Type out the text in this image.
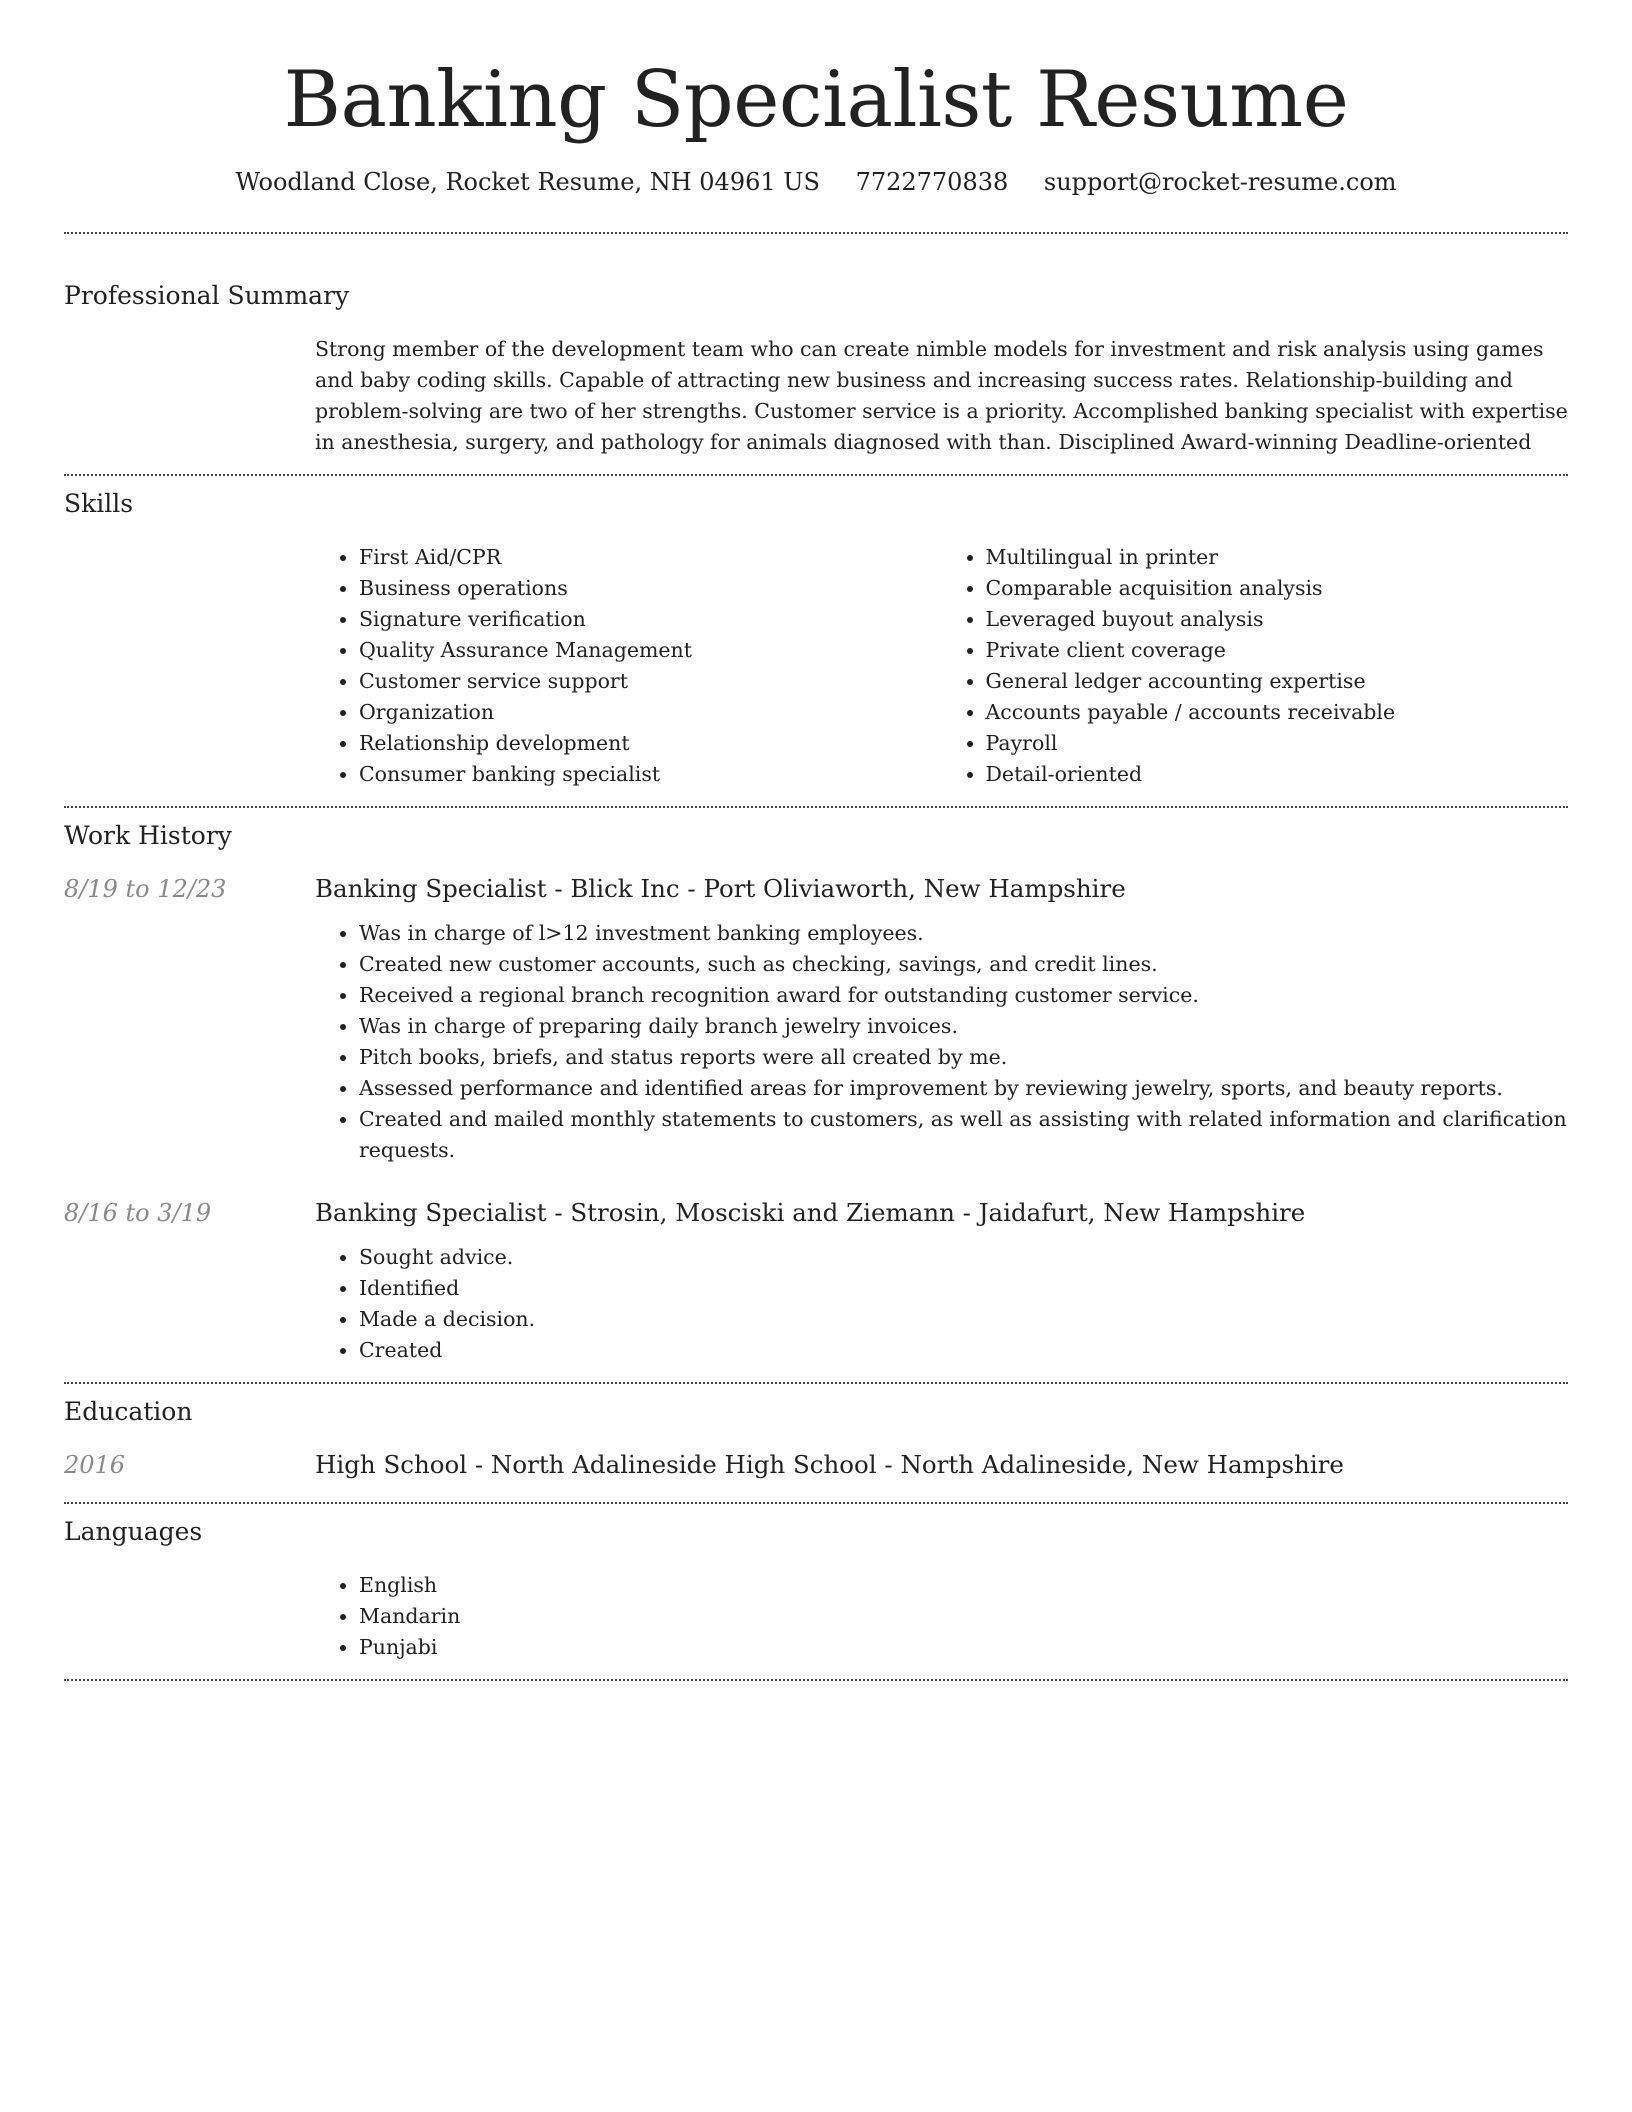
Banking Specialist Resume
Woodland Close, Rocket Resume, NH 04961 US 7722770838 support@rocket-resume.com
Professional Summary

Strong member of the development team who can create nimble models for investment and risk analysis using games and baby coding skills. Capable of attracting new business and increasing success rates. Relationship-building and problem-solving are two of her strengths. Customer service is a priority. Accomplished banking specialist with expertise in anesthesia, surgery, and pathology for animals diagnosed with than. Disciplined Award-winning Deadline-oriented

Skills
• First Aid/CPR
• Business operations
• Signature verification
• Quality Assurance Management
• Customer service support
• Organization
• Relationship development
• Consumer banking specialist
• Multilingual in printer
• Comparable acquisition analysis
• Leveraged buyout analysis
• Private client coverage
• General ledger accounting expertise
• Accounts payable / accounts receivable
• Payroll
• Detail-oriented
Work History
8/19 to 12/23	Banking Specialist - Blick Inc - Port Oliviaworth, New Hampshire
• Was in charge of l>12 investment banking employees.
• Created new customer accounts, such as checking, savings, and credit lines.
• Received a regional branch recognition award for outstanding customer service.
• Was in charge of preparing daily branch jewelry invoices.
• Pitch books, briefs, and status reports were all created by me.
• Assessed performance and identified areas for improvement by reviewing jewelry, sports, and beauty reports.
• Created and mailed monthly statements to customers, as well as assisting with related information and clarification requests.
8/16 to 3/19	Banking Specialist - Strosin, Mosciski and Ziemann - Jaidafurt, New Hampshire
• Sought advice.
• Identified
• Made a decision.
• Created
Education
2016	High School - North Adalineside High School - North Adalineside, New Hampshire
Languages
• English
• Mandarin
• Punjabi
